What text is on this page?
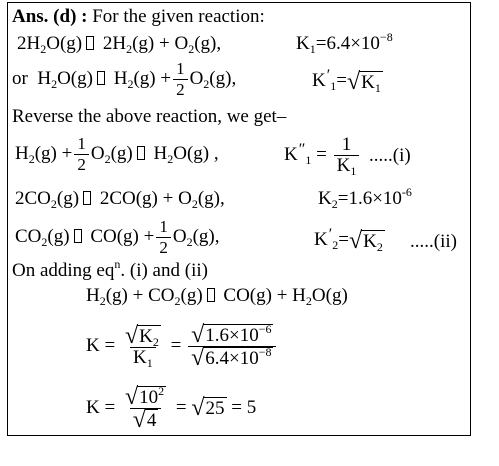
Ans. (d) : For the given reaction:
$2H_2O(g) 2H_2(g) + O_2(g)$,	$K_1=6.4\times 10^{-8}$
or $H_2O(g) H_2(g) + \frac{1}{2} O_2(g)$,	$K'_1=$ √ $K_1$
Reverse the above reaction, we get–
$H_2(g) + \frac{1}{2} O_2(g)$ $H_2O(g)$ ,	$K''_1 = \frac{1}{K_1} .....(i)$
$2CO_2(g) 2CO(g) + O_2(g)$,	$K_2=1.6\times 10^{-6}$
$CO_2(g) CO(g) + \frac{1}{2} O_2(g)$,	$K'_2=$ √ $K_2$ .....(ii)
On adding $eq^n$. (i) and (ii)
$H_2(g) + CO_2(g) CO(g) + H_2O(g)$
K =
$\frac{√ K_2}{K_1}$
=
$\frac{√ 1.6\times 10^{-6}}{√ 6.4\times 10^{-8}}$
K =
$\frac{√ 10^2}{√ 4}$
=
√ 25
= 5
